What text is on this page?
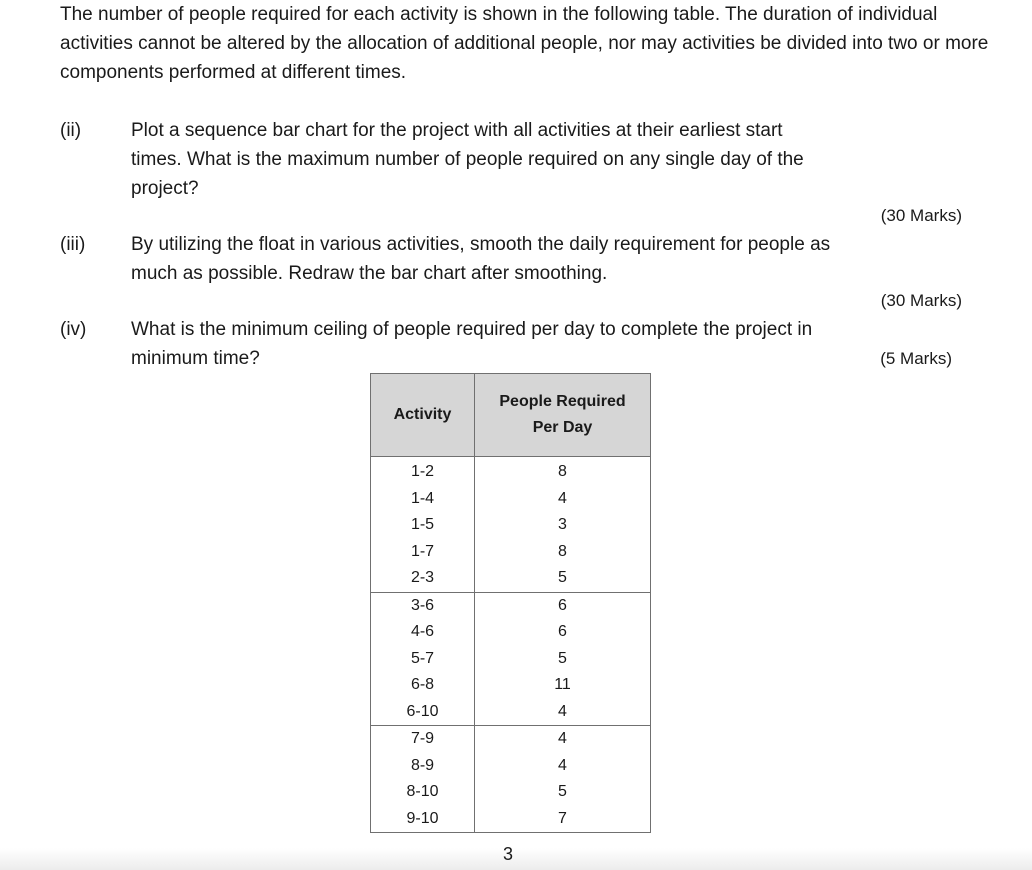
The number of people required for each activity is shown in the following table. The duration of individual activities cannot be altered by the allocation of additional people, nor may activities be divided into two or more components performed at different times.

(ii)	Plot a sequence bar chart for the project with all activities at their earliest start
times. What is the maximum number of people required on any single day of the
project?
(30 Marks)
(iii) By utilizing the float in various activities, smooth the daily requirement for people as
much as possible. Redraw the bar chart after smoothing.
(30 Marks)
(iv) What is the minimum ceiling of people required per day to complete the project in
minimum time?	(5 Marks)
Activity	People Required
Per Day

1-2	8
1-4	4
1-5	3
1-7	8
2-3	5
3-6	6
4-6	6
5-7	5
6-8	11
6-10	4
7-9	4
8-9	4
8-10	5
9-10	7
3
